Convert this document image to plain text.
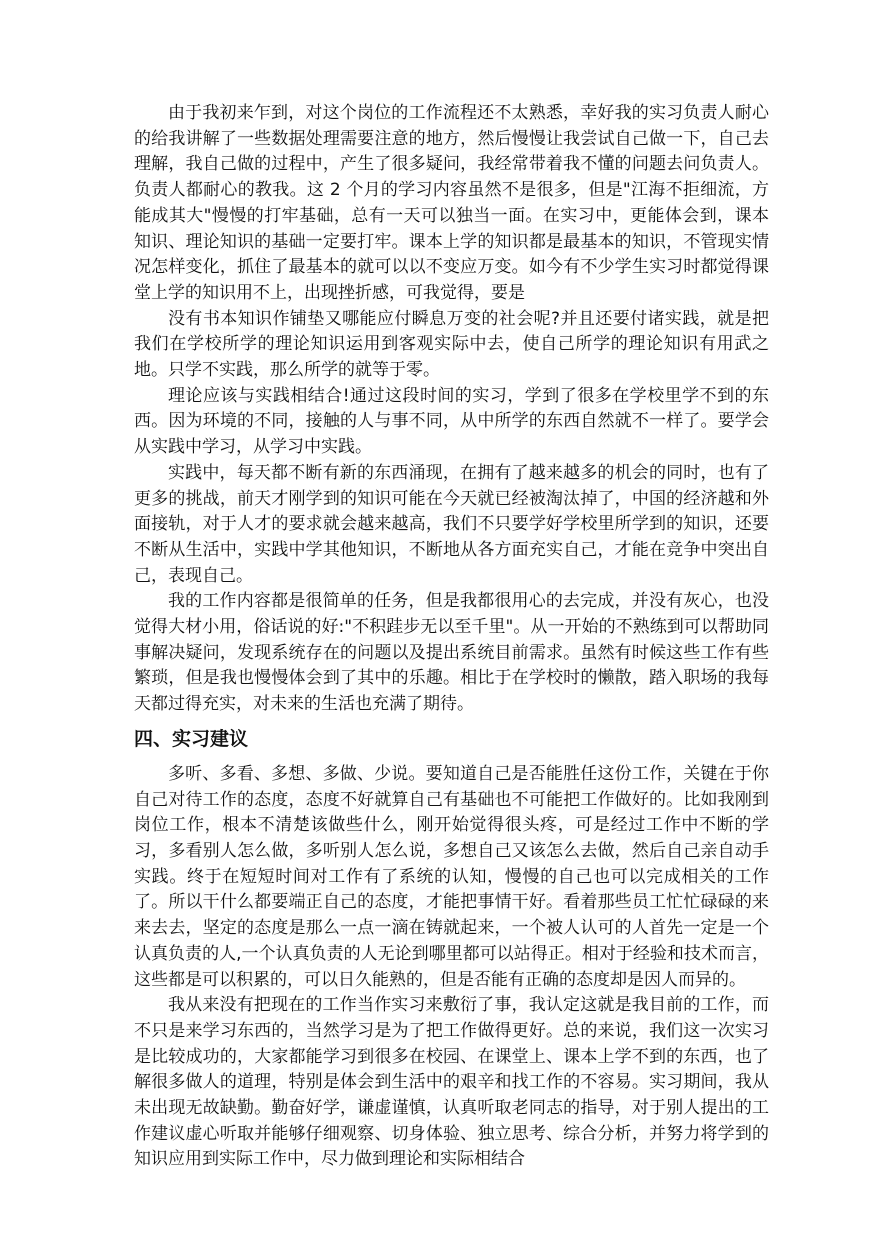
由于我初来乍到，对这个岗位的工作流程还不太熟悉，幸好我的实习负责人耐心的给我讲解了一些数据处理需要注意的地方，然后慢慢让我尝试自己做一下，自己去理解，我自己做的过程中，产生了很多疑问，我经常带着我不懂的问题去问负责人。负责人都耐心的教我。这 2 个月的学习内容虽然不是很多，但是"江海不拒细流，方能成其大"慢慢的打牢基础，总有一天可以独当一面。在实习中，更能体会到，课本知识、理论知识的基础一定要打牢。课本上学的知识都是最基本的知识，不管现实情况怎样变化，抓住了最基本的就可以以不变应万变。如今有不少学生实习时都觉得课堂上学的知识用不上，出现挫折感，可我觉得，要是

没有书本知识作铺垫又哪能应付瞬息万变的社会呢?并且还要付诸实践，就是把我们在学校所学的理论知识运用到客观实际中去，使自己所学的理论知识有用武之地。只学不实践，那么所学的就等于零。

理论应该与实践相结合!通过这段时间的实习，学到了很多在学校里学不到的东西。因为环境的不同，接触的人与事不同，从中所学的东西自然就不一样了。要学会从实践中学习，从学习中实践。

实践中，每天都不断有新的东西涌现，在拥有了越来越多的机会的同时，也有了更多的挑战，前天才刚学到的知识可能在今天就已经被淘汰掉了，中国的经济越和外面接轨，对于人才的要求就会越来越高，我们不只要学好学校里所学到的知识，还要不断从生活中，实践中学其他知识，不断地从各方面充实自己，才能在竞争中突出自己，表现自己。

我的工作内容都是很简单的任务，但是我都很用心的去完成，并没有灰心，也没觉得大材小用，俗话说的好:"不积跬步无以至千里"。从一开始的不熟练到可以帮助同事解决疑问，发现系统存在的问题以及提出系统目前需求。虽然有时候这些工作有些繁琐，但是我也慢慢体会到了其中的乐趣。相比于在学校时的懒散，踏入职场的我每天都过得充实，对未来的生活也充满了期待。

四、实习建议

多听、多看、多想、多做、少说。要知道自己是否能胜任这份工作，关键在于你自己对待工作的态度，态度不好就算自己有基础也不可能把工作做好的。比如我刚到岗位工作，根本不清楚该做些什么，刚开始觉得很头疼，可是经过工作中不断的学习，多看别人怎么做，多听别人怎么说，多想自己又该怎么去做，然后自己亲自动手实践。终于在短短时间对工作有了系统的认知，慢慢的自己也可以完成相关的工作了。所以干什么都要端正自己的态度，才能把事情干好。看着那些员工忙忙碌碌的来来去去，坚定的态度是那么一点一滴在铸就起来，一个被人认可的人首先一定是一个认真负责的人,一个认真负责的人无论到哪里都可以站得正。相对于经验和技术而言，这些都是可以积累的，可以日久能熟的，但是否能有正确的态度却是因人而异的。

我从来没有把现在的工作当作实习来敷衍了事，我认定这就是我目前的工作，而不只是来学习东西的，当然学习是为了把工作做得更好。总的来说，我们这一次实习是比较成功的，大家都能学习到很多在校园、在课堂上、课本上学不到的东西，也了解很多做人的道理，特别是体会到生活中的艰辛和找工作的不容易。实习期间，我从未出现无故缺勤。勤奋好学，谦虚谨慎，认真听取老同志的指导，对于别人提出的工作建议虚心听取并能够仔细观察、切身体验、独立思考、综合分析，并努力将学到的知识应用到实际工作中，尽力做到理论和实际相结合
